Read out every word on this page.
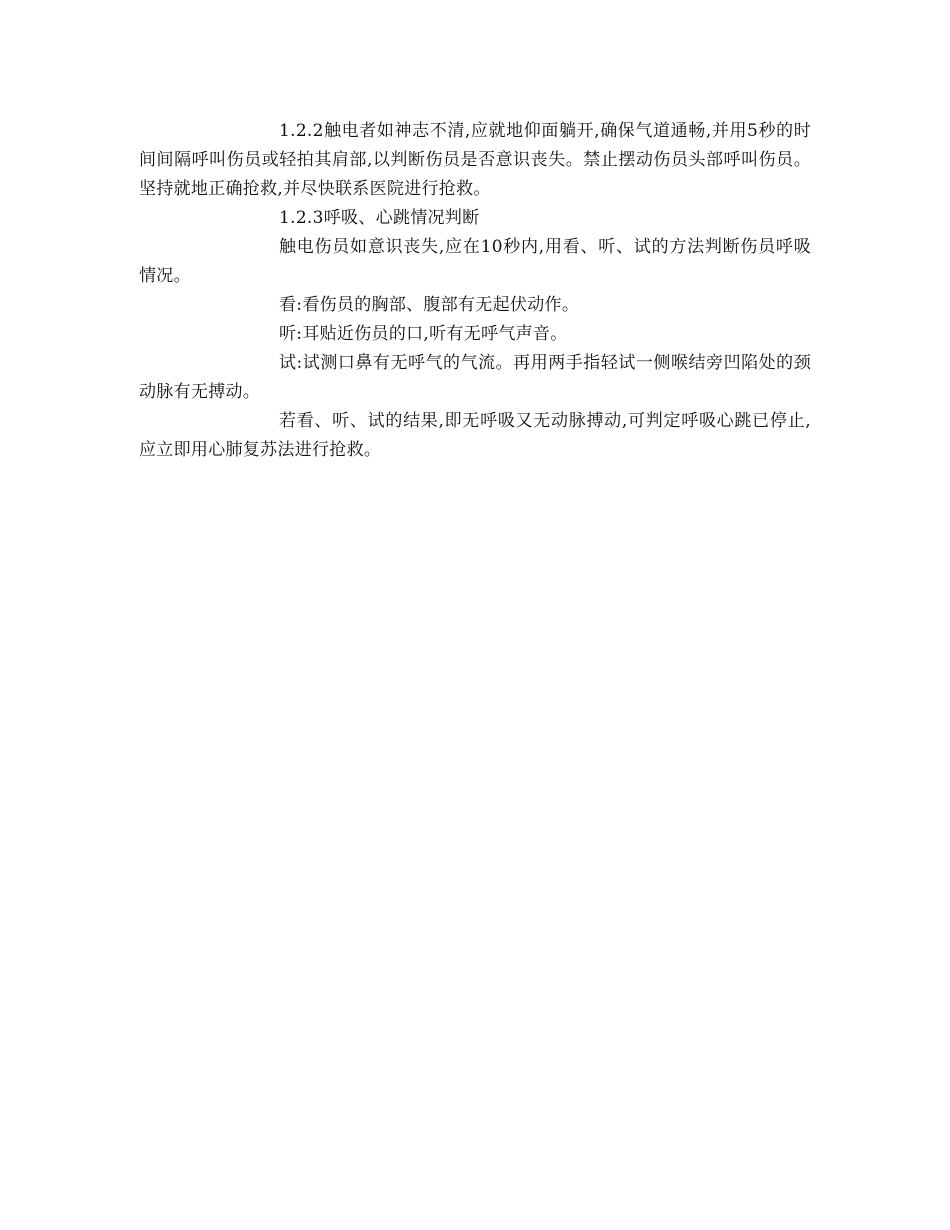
1.2.2触电者如神志不清,应就地仰面躺开,确保气道通畅,并用5秒的时间间隔呼叫伤员或轻拍其肩部,以判断伤员是否意识丧失。禁止摆动伤员头部呼叫伤员。坚持就地正确抢救,并尽快联系医院进行抢救。

1.2.3呼吸、心跳情况判断

触电伤员如意识丧失,应在10秒内,用看、听、试的方法判断伤员呼吸情况。

看:看伤员的胸部、腹部有无起伏动作。

听:耳贴近伤员的口,听有无呼气声音。

试:试测口鼻有无呼气的气流。再用两手指轻试一侧喉结旁凹陷处的颈动脉有无搏动。

若看、听、试的结果,即无呼吸又无动脉搏动,可判定呼吸心跳已停止,应立即用心肺复苏法进行抢救。
